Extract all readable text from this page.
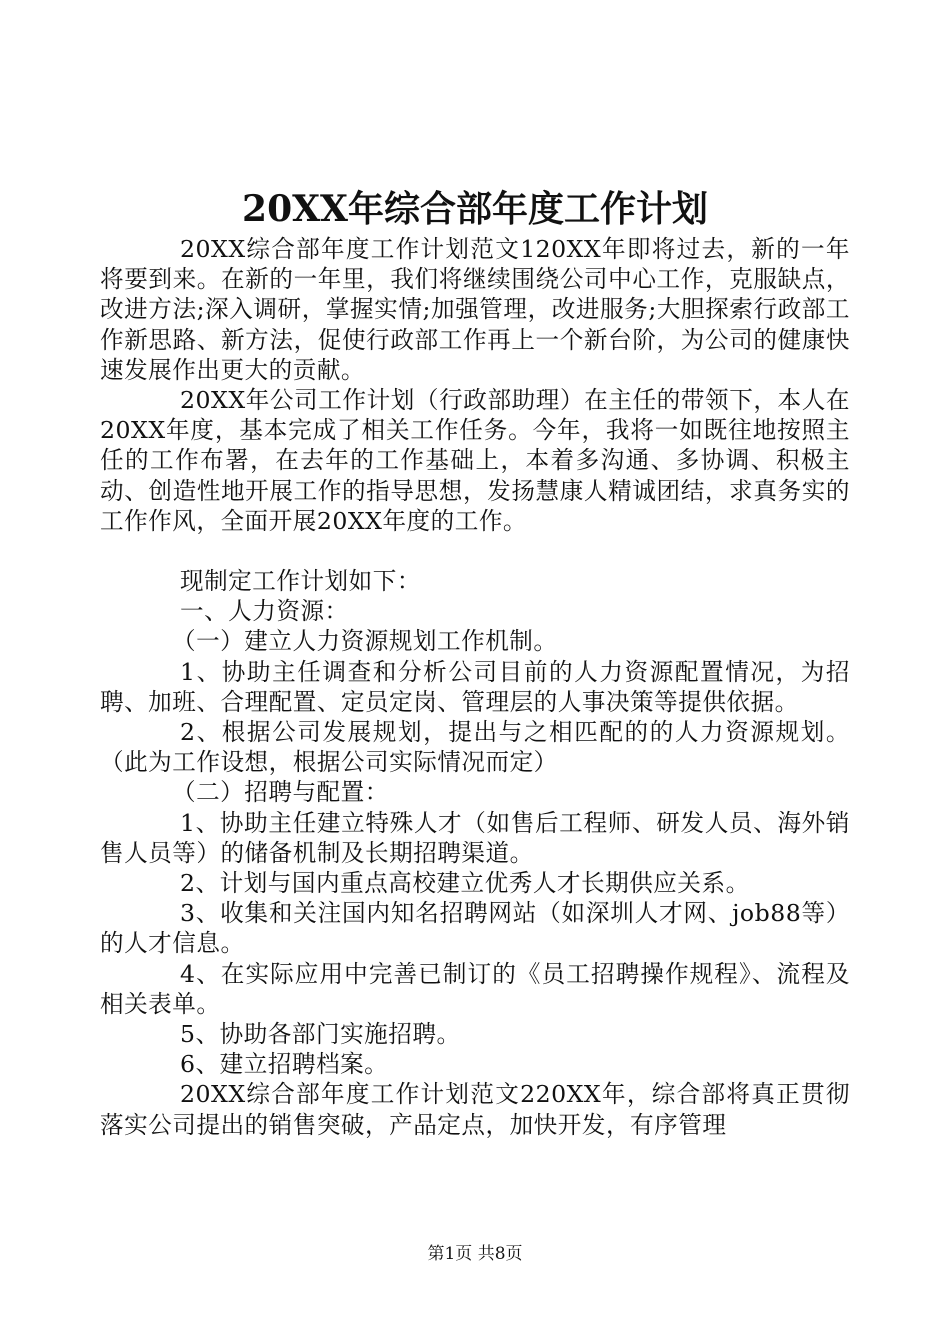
20XX年综合部年度工作计划

20XX综合部年度工作计划范文120XX年即将过去，新的一年将要到来。在新的一年里，我们将继续围绕公司中心工作，克服缺点，改进方法;深入调研，掌握实情;加强管理，改进服务;大胆探索行政部工作新思路、新方法，促使行政部工作再上一个新台阶，为公司的健康快速发展作出更大的贡献。

20XX年公司工作计划（行政部助理）在主任的带领下，本人在20XX年度，基本完成了相关工作任务。今年，我将一如既往地按照主任的工作布署，在去年的工作基础上，本着多沟通、多协调、积极主动、创造性地开展工作的指导思想，发扬慧康人精诚团结，求真务实的工作作风，全面开展20XX年度的工作。

现制定工作计划如下：

一、人力资源：

（一）建立人力资源规划工作机制。

1、协助主任调查和分析公司目前的人力资源配置情况，为招聘、加班、合理配置、定员定岗、管理层的人事决策等提供依据。

2、根据公司发展规划，提出与之相匹配的的人力资源规划。（此为工作设想，根据公司实际情况而定）

（二）招聘与配置：

1、协助主任建立特殊人才（如售后工程师、研发人员、海外销售人员等）的储备机制及长期招聘渠道。

2、计划与国内重点高校建立优秀人才长期供应关系。

3、收集和关注国内知名招聘网站（如深圳人才网、job88等）的人才信息。

4、在实际应用中完善已制订的《员工招聘操作规程》、流程及相关表单。

5、协助各部门实施招聘。

6、建立招聘档案。

20XX综合部年度工作计划范文220XX年，综合部将真正贯彻落实公司提出的销售突破，产品定点，加快开发，有序管理

第1页 共8页
